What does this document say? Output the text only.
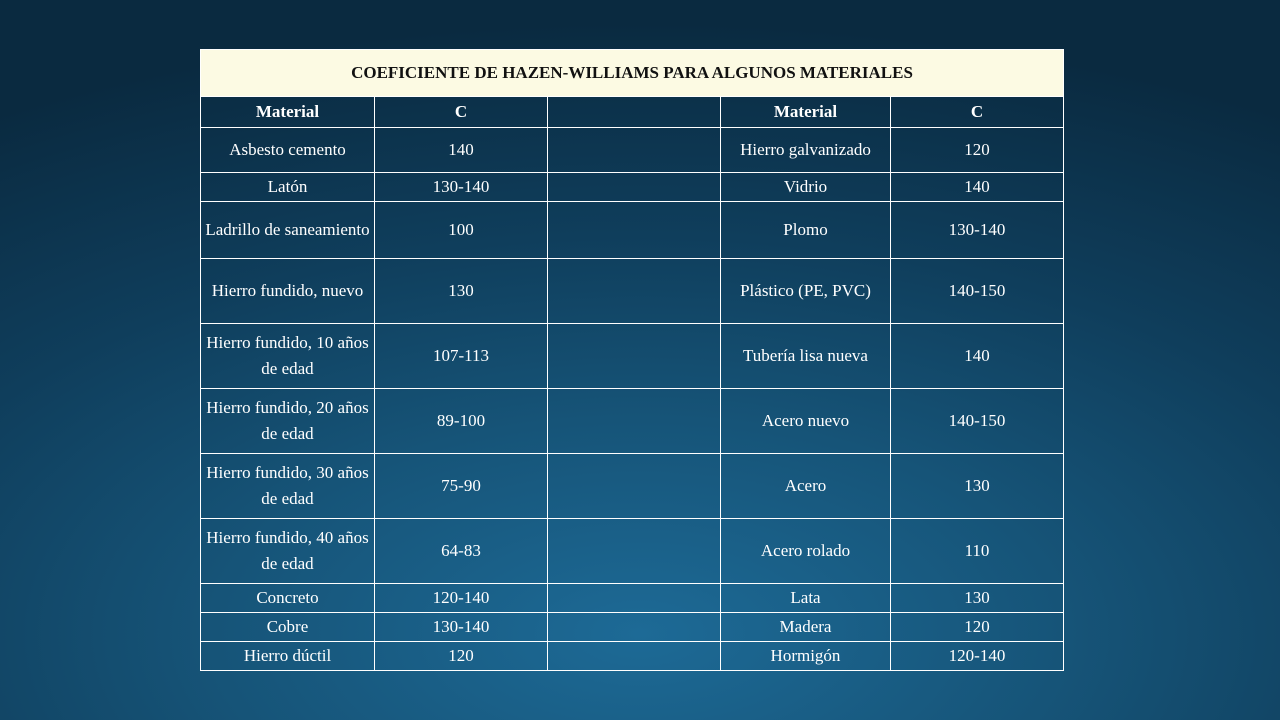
COEFICIENTE DE HAZEN-WILLIAMS PARA ALGUNOS MATERIALES				
Material	C		Material	C
Asbesto cemento	140		Hierro galvanizado	120
Latón	130-140		Vidrio	140
Ladrillo de saneamiento	100		Plomo	130-140
Hierro fundido, nuevo	130		Plástico (PE, PVC)	140-150
Hierro fundido, 10 años de edad	107-113		Tubería lisa nueva	140
Hierro fundido, 20 años de edad	89-100		Acero nuevo	140-150
Hierro fundido, 30 años de edad	75-90		Acero	130
Hierro fundido, 40 años de edad	64-83		Acero rolado	110
Concreto	120-140		Lata	130
Cobre	130-140		Madera	120
Hierro dúctil	120		Hormigón	120-140
